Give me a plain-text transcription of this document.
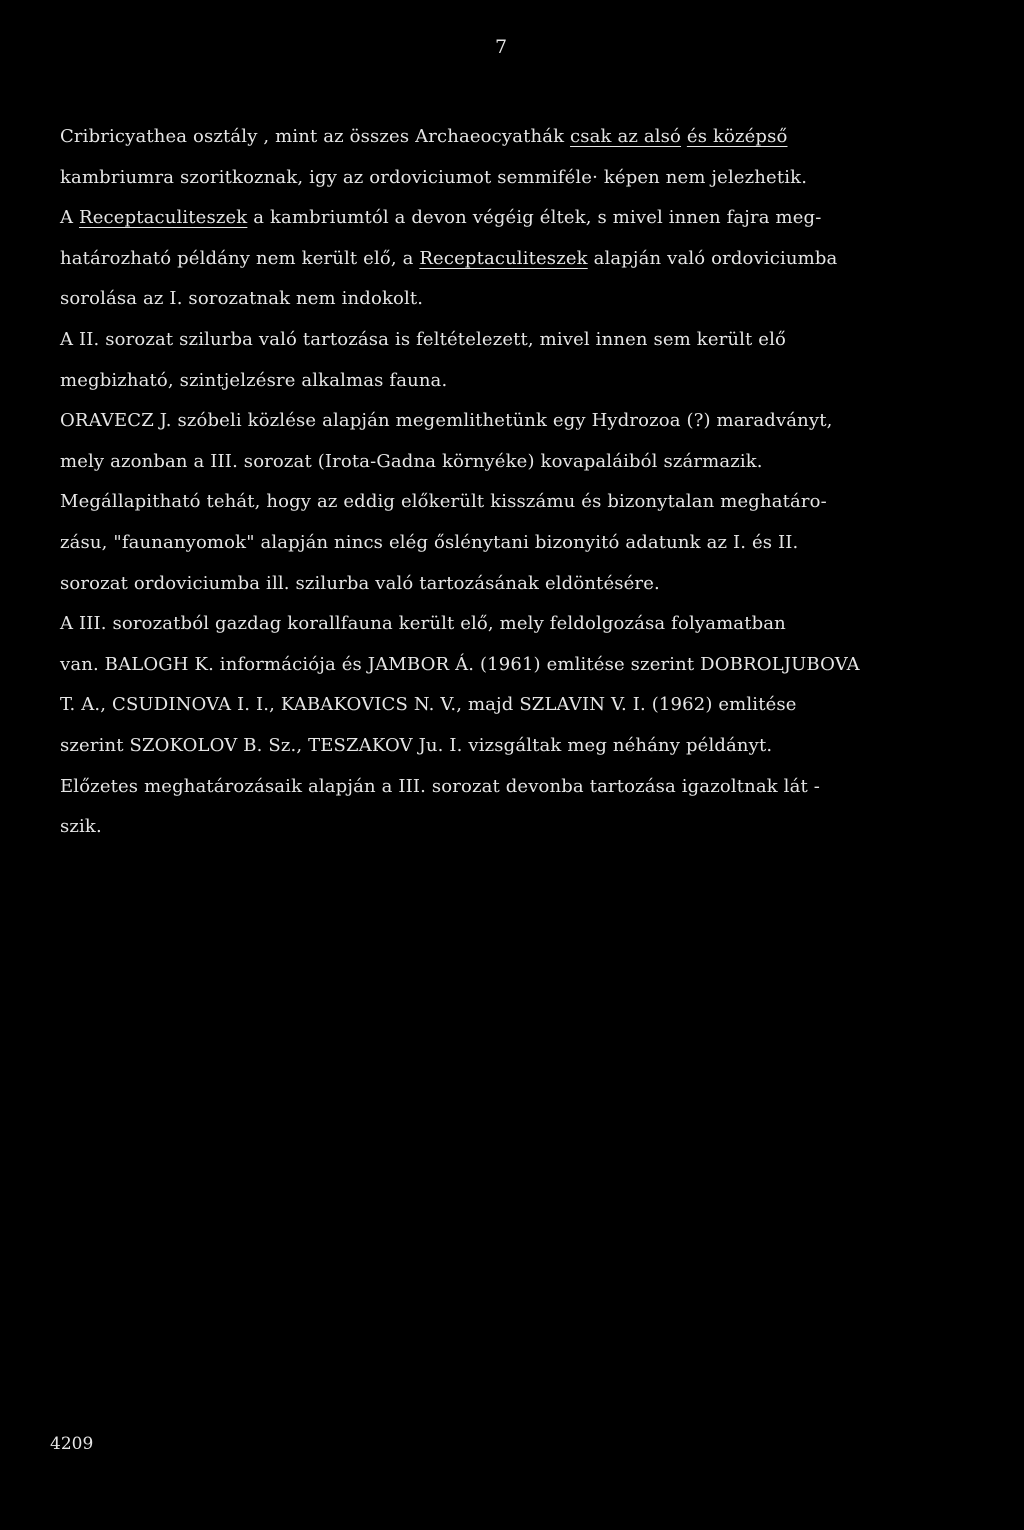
7
Cribricyathea osztály , mint az összes Archaeocyathák csak az alsó és középső
kambriumra szoritkoznak, igy az ordoviciumot semmiféle· képen nem jelezhetik.
A Receptaculiteszek a kambriumtól a devon végéig éltek, s mivel innen fajra meg-
határozható példány nem került elő, a Receptaculiteszek alapján való ordoviciumba
sorolása az I. sorozatnak nem indokolt.
A II. sorozat szilurba való tartozása is feltételezett, mivel innen sem került elő
megbizható, szintjelzésre alkalmas fauna.
ORAVECZ J. szóbeli közlése alapján megemlithetünk egy Hydrozoa (?) maradványt,
mely azonban a III. sorozat (Irota-Gadna környéke) kovapaláiból származik.
Megállapitható tehát, hogy az eddig előkerült kisszámu és bizonytalan meghatáro-
zásu, "faunanyomok" alapján nincs elég őslénytani bizonyitó adatunk az I. és II.
sorozat ordoviciumba ill. szilurba való tartozásának eldöntésére.
A III. sorozatból gazdag korallfauna került elő, mely feldolgozása folyamatban
van. BALOGH K. információja és JAMBOR Á. (1961) emlitése szerint DOBROLJUBOVA
T. A., CSUDINOVA I. I., KABAKOVICS N. V., majd SZLAVIN V. I. (1962) emlitése
szerint SZOKOLOV B. Sz., TESZAKOV Ju. I. vizsgáltak meg néhány példányt.
Előzetes meghatározásaik alapján a III. sorozat devonba tartozása igazoltnak lát -
szik.
4209
